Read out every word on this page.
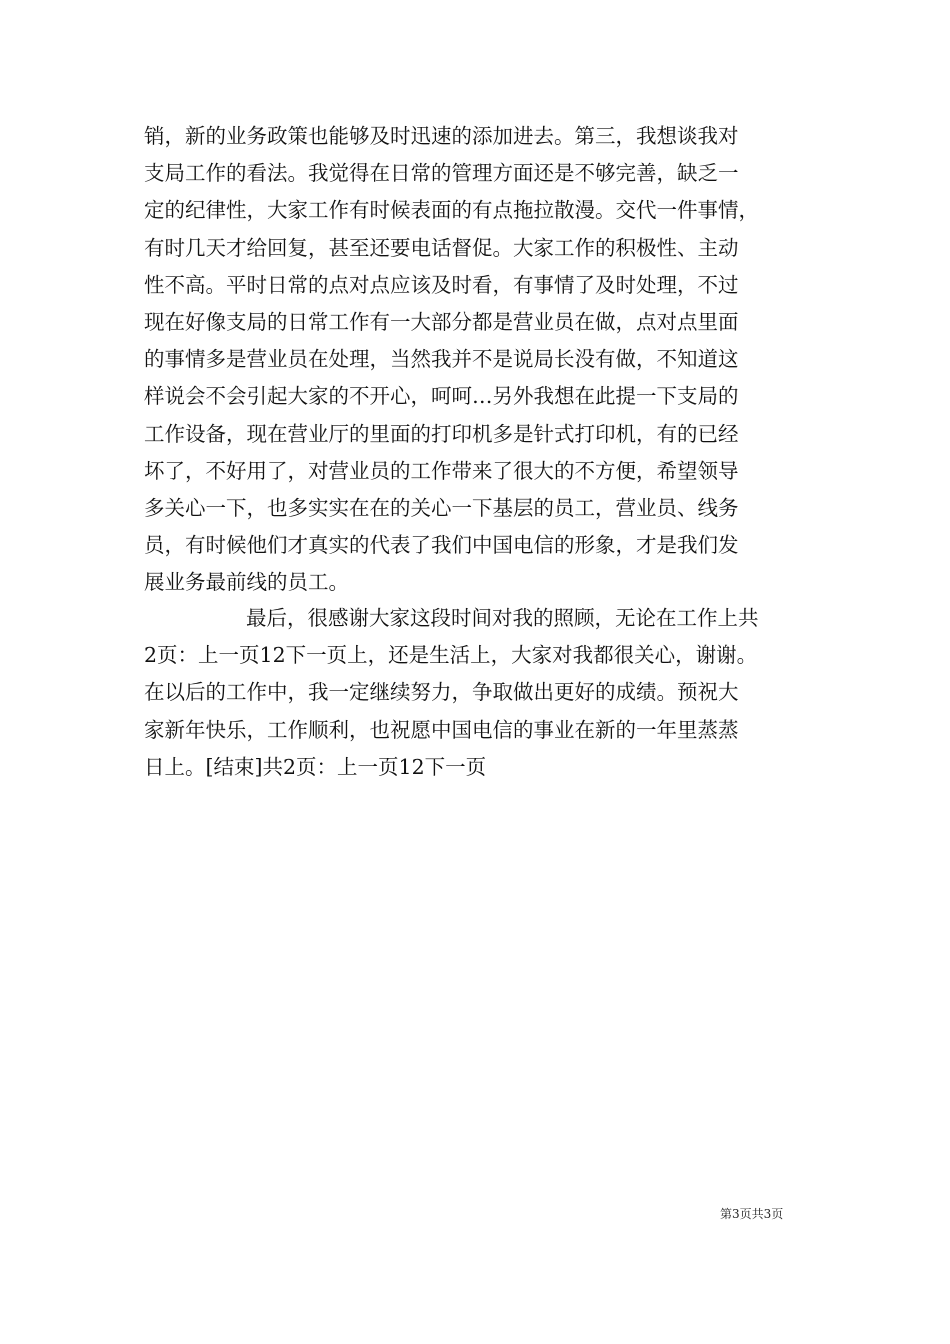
销，新的业务政策也能够及时迅速的添加进去。第三，我想谈我对
支局工作的看法。我觉得在日常的管理方面还是不够完善，缺乏一
定的纪律性，大家工作有时候表面的有点拖拉散漫。交代一件事情，
有时几天才给回复，甚至还要电话督促。大家工作的积极性、主动
性不高。平时日常的点对点应该及时看，有事情了及时处理，不过
现在好像支局的日常工作有一大部分都是营业员在做，点对点里面
的事情多是营业员在处理，当然我并不是说局长没有做，不知道这
样说会不会引起大家的不开心，呵呵…另外我想在此提一下支局的
工作设备，现在营业厅的里面的打印机多是针式打印机，有的已经
坏了，不好用了，对营业员的工作带来了很大的不方便，希望领导
多关心一下，也多实实在在的关心一下基层的员工，营业员、线务
员，有时候他们才真实的代表了我们中国电信的形象，才是我们发
展业务最前线的员工。
最后，很感谢大家这段时间对我的照顾，无论在工作上共
2页：上一页12下一页上，还是生活上，大家对我都很关心，谢谢。
在以后的工作中，我一定继续努力，争取做出更好的成绩。预祝大
家新年快乐，工作顺利，也祝愿中国电信的事业在新的一年里蒸蒸
日上。[结束]共2页：上一页12下一页
第3页共3页
